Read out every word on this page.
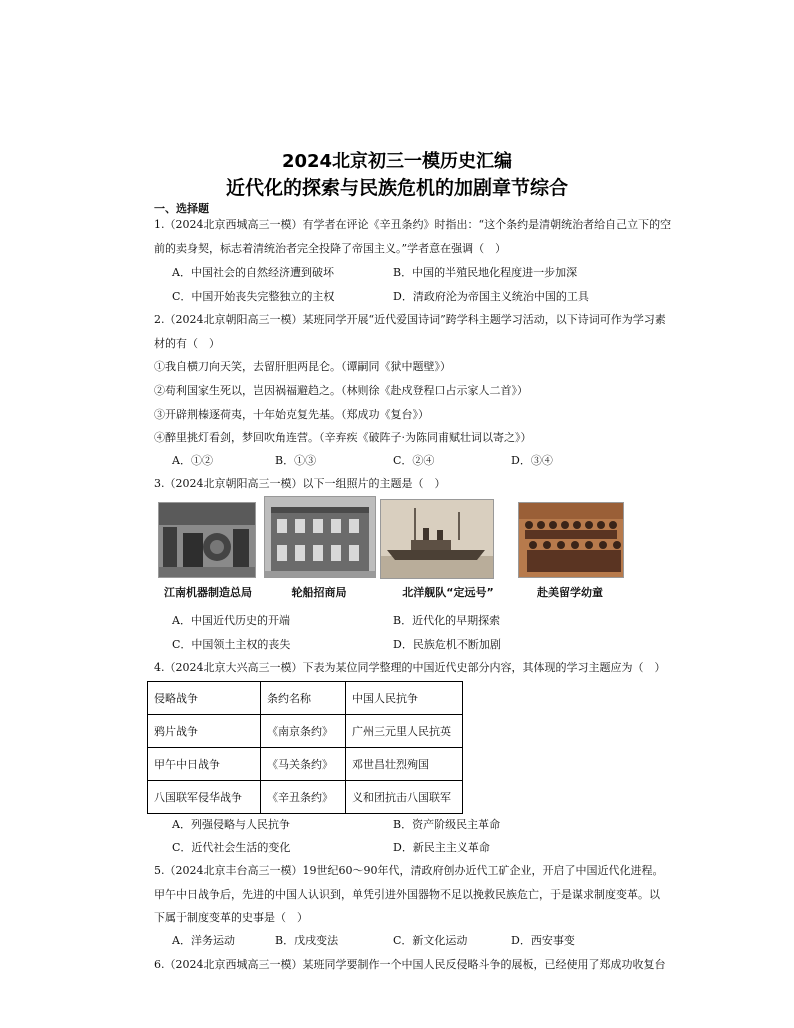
2024北京初三一模历史汇编
近代化的探索与民族危机的加剧章节综合
一、选择题
1.（2024北京西城高三一模）有学者在评论《辛丑条约》时指出：“这个条约是清朝统治者给自己立下的空
前的卖身契，标志着清统治者完全投降了帝国主义。”学者意在强调（　）
A．中国社会的自然经济遭到破坏	B．中国的半殖民地化程度进一步加深
C．中国开始丧失完整独立的主权	D．清政府沦为帝国主义统治中国的工具
2.（2024北京朝阳高三一模）某班同学开展“近代爱国诗词”跨学科主题学习活动，以下诗词可作为学习素
材的有（　）
①我自横刀向天笑，去留肝胆两昆仑。（谭嗣同《狱中题壁》）
②苟利国家生死以，岂因祸福避趋之。（林则徐《赴戍登程口占示家人二首》）
③开辟荆榛逐荷夷，十年始克复先基。（郑成功《复台》）
④醉里挑灯看剑，梦回吹角连营。（辛弃疾《破阵子·为陈同甫赋壮词以寄之》）
A．①②	B．①③	C．②④	D．③④
3.（2024北京朝阳高三一模）以下一组照片的主题是（　）
江南机器制造总局	轮船招商局	北洋舰队“定远号”	赴美留学幼童
A．中国近代历史的开端	B．近代化的早期探索
C．中国领土主权的丧失	D．民族危机不断加剧
4.（2024北京大兴高三一模）下表为某位同学整理的中国近代史部分内容，其体现的学习主题应为（　）
侵略战争	条约名称	中国人民抗争
鸦片战争	《南京条约》	广州三元里人民抗英
甲午中日战争	《马关条约》	邓世昌壮烈殉国
八国联军侵华战争	《辛丑条约》	义和团抗击八国联军
A．列强侵略与人民抗争	B．资产阶级民主革命
C．近代社会生活的变化	D．新民主主义革命
5.（2024北京丰台高三一模）19世纪60～90年代，清政府创办近代工矿企业，开启了中国近代化进程。
甲午中日战争后，先进的中国人认识到，单凭引进外国器物不足以挽救民族危亡，于是谋求制度变革。以
下属于制度变革的史事是（　）
A．洋务运动	B．戊戌变法	C．新文化运动	D．西安事变
6.（2024北京西城高三一模）某班同学要制作一个中国人民反侵略斗争的展板，已经使用了郑成功收复台
